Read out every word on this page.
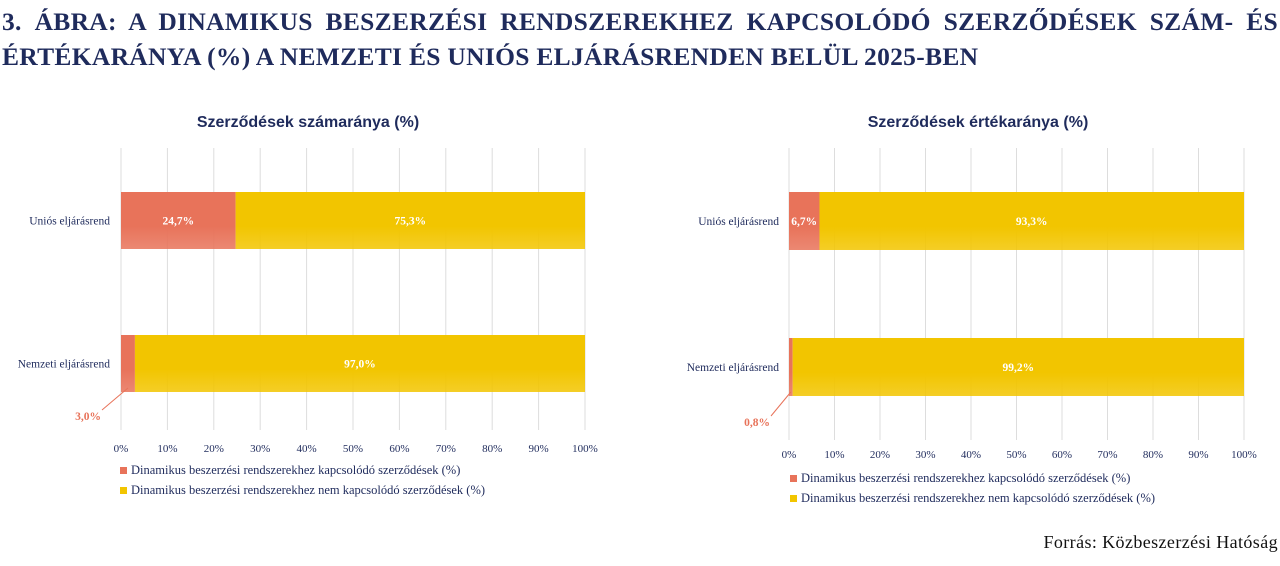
3. ÁBRA: A DINAMIKUS BESZERZÉSI RENDSZEREKHEZ KAPCSOLÓDÓ SZERZŐDÉSEK SZÁM- ÉS
ÉRTÉKARÁNYA (%) A NEMZETI ÉS UNIÓS ELJÁRÁSRENDEN BELÜL 2025-BEN
Szerződések számaránya (%)
0%	10% 20% 30% 40% 50% 60% 70% 80% 90% 100%
Uniós eljárásrend	24,7%	75,3%
Nemzeti eljárásrend
3,0%
97,0%
Dinamikus beszerzési rendszerekhez kapcsolódó szerződések (%)
Dinamikus beszerzési rendszerekhez nem kapcsolódó szerződések (%)
Szerződések értékaránya (%)
0%	10% 20% 30% 40% 50% 60% 70% 80% 90% 100%
Uniós eljárásrend 6,7%	93,3%
Nemzeti eljárásrend
0,8%
99,2%
Dinamikus beszerzési rendszerekhez kapcsolódó szerződések (%)
Dinamikus beszerzési rendszerekhez nem kapcsolódó szerződések (%)
Forrás: Közbeszerzési Hatóság
